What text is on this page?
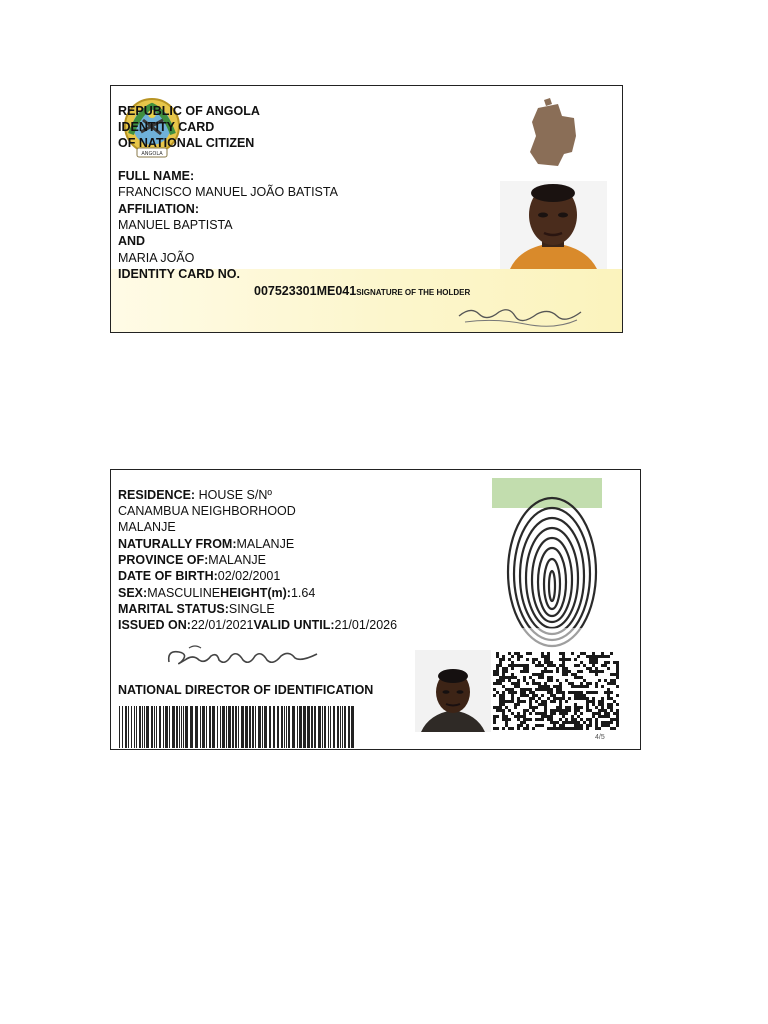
ANGOLA
REPUBLIC OF ANGOLA
IDENTITY CARD
OF NATIONAL CITIZEN
FULL NAME:
FRANCISCO MANUEL JOÃO BATISTA
AFFILIATION:
MANUEL BAPTISTA
AND
MARIA JOÃO
IDENTITY CARD NO.
007523301ME041SIGNATURE OF THE HOLDER
RESIDENCE: HOUSE S/Nº
CANAMBUA NEIGHBORHOOD
MALANJE
NATURALLY FROM:MALANJE
PROVINCE OF:MALANJE
DATE OF BIRTH:02/02/2001
SEX:MASCULINEHEIGHT(m):1.64
MARITAL STATUS:SINGLE
ISSUED ON:22/01/2021VALID UNTIL:21/01/2026
NATIONAL DIRECTOR OF IDENTIFICATION
4/5
